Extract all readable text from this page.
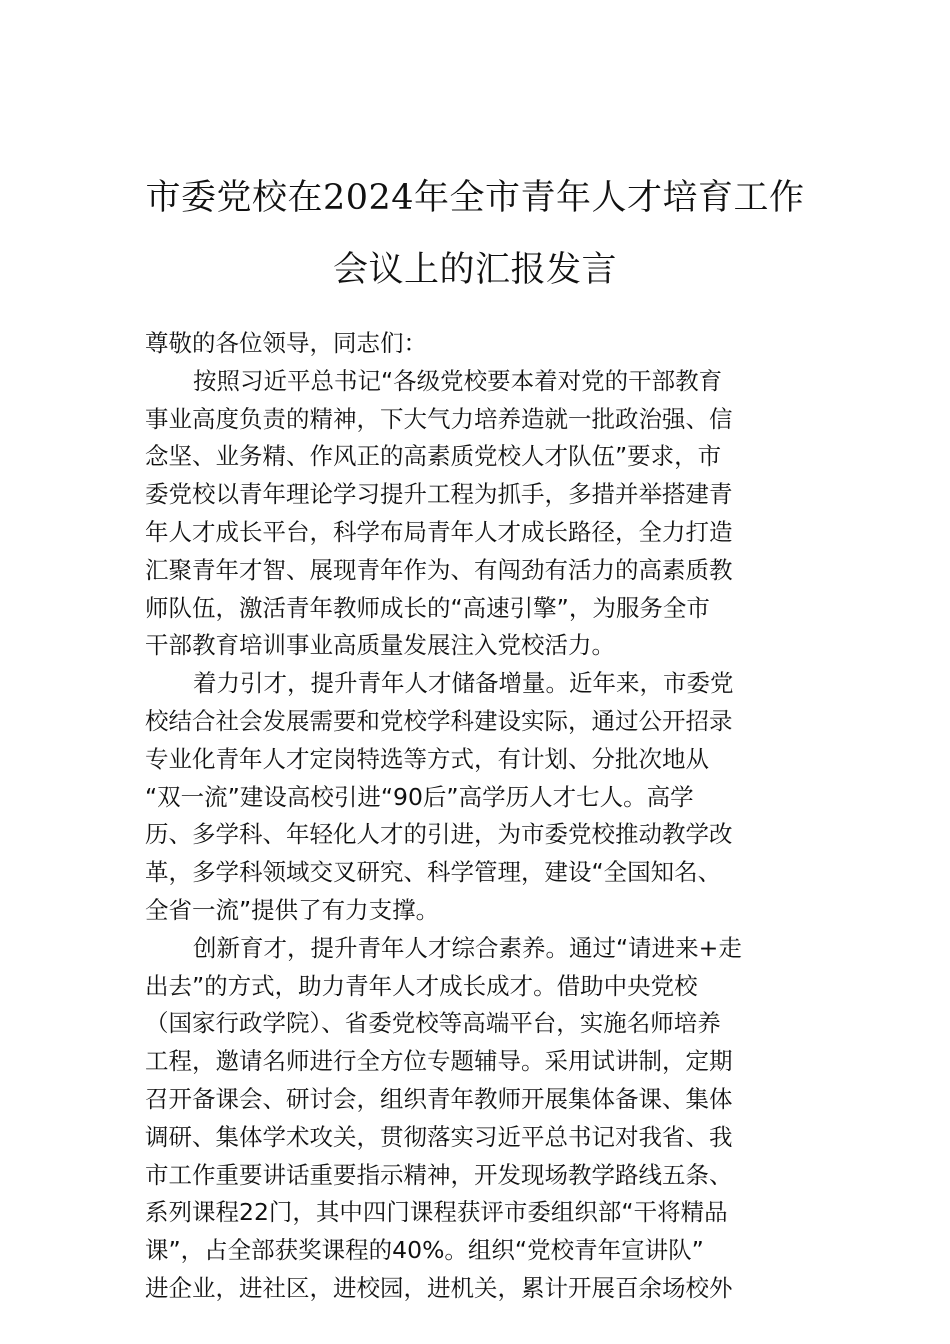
市委党校在2024年全市青年人才培育工作
会议上的汇报发言

尊敬的各位领导，同志们：

按照习近平总书记“各级党校要本着对党的干部教育
事业高度负责的精神，下大气力培养造就一批政治强、信
念坚、业务精、作风正的高素质党校人才队伍”要求，市
委党校以青年理论学习提升工程为抓手，多措并举搭建青
年人才成长平台，科学布局青年人才成长路径，全力打造
汇聚青年才智、展现青年作为、有闯劲有活力的高素质教
师队伍，激活青年教师成长的“高速引擎”，为服务全市
干部教育培训事业高质量发展注入党校活力。

着力引才，提升青年人才储备增量。近年来，市委党
校结合社会发展需要和党校学科建设实际，通过公开招录
专业化青年人才定岗特选等方式，有计划、分批次地从
“双一流”建设高校引进“90后”高学历人才七人。高学
历、多学科、年轻化人才的引进，为市委党校推动教学改
革，多学科领域交叉研究、科学管理，建设“全国知名、
全省一流”提供了有力支撑。

创新育才，提升青年人才综合素养。通过“请进来+走
出去”的方式，助力青年人才成长成才。借助中央党校
（国家行政学院）、省委党校等高端平台，实施名师培养
工程，邀请名师进行全方位专题辅导。采用试讲制，定期
召开备课会、研讨会，组织青年教师开展集体备课、集体
调研、集体学术攻关，贯彻落实习近平总书记对我省、我
市工作重要讲话重要指示精神，开发现场教学路线五条、
系列课程22门，其中四门课程获评市委组织部“干将精品
课”，占全部获奖课程的40%。组织“党校青年宣讲队”
进企业，进社区，进校园，进机关，累计开展百余场校外
